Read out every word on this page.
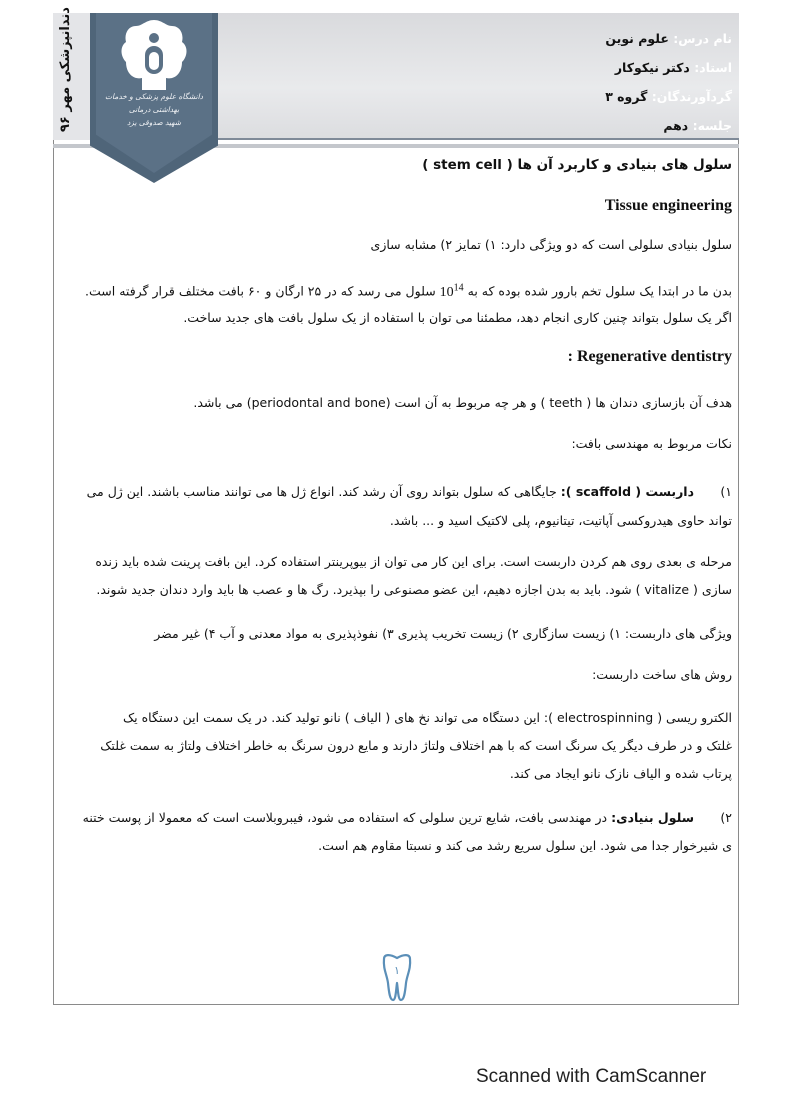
دندانپزشکی مهر ۹۶	دانشگاه علوم پزشکی و خدمات بهداشتی درمانی
شهید صدوقی یزد
نام درس: علوم نوین
استاد: دکتر نیکوکار
گردآورندگان: گروه ۳
جلسه: دهم
سلول های بنیادی و کاربرد آن ها ( stem cell )
Tissue engineering
سلول بنیادی سلولی است که دو ویژگی دارد: ۱) تمایز ۲) مشابه سازی
بدن ما در ابتدا یک سلول تخم بارور شده بوده که به $10^{14}$ سلول می رسد که در ۲۵ ارگان و ۶۰ بافت مختلف قرار گرفته است.
اگر یک سلول بتواند چنین کاری انجام دهد، مطمئنا می توان با استفاده از یک سلول بافت های جدید ساخت.
Regenerative dentistry :
هدف آن بازسازی دندان ها ( teeth ) و هر چه مربوط به آن است (periodontal and bone) می باشد.
نکات مربوط به مهندسی بافت:
۱) داربست ( scaffold ): جایگاهی که سلول بتواند روی آن رشد کند. انواع ژل ها می توانند مناسب باشند. این ژل می
تواند حاوی هیدروکسی آپاتیت، تیتانیوم، پلی لاکتیک اسید و ... باشد.
مرحله ی بعدی روی هم کردن داربست است. برای این کار می توان از بیوپرینتر استفاده کرد. این بافت پرینت شده باید زنده
سازی ( vitalize ) شود. باید به بدن اجازه دهیم، این عضو مصنوعی را بپذیرد. رگ ها و عصب ها باید وارد دندان جدید شوند.
ویژگی های داربست: ۱) زیست سازگاری ۲) زیست تخریب پذیری ۳) نفوذپذیری به مواد معدنی و آب ۴) غیر مضر
روش های ساخت داربست:
الکترو ریسی ( electrospinning ): این دستگاه می تواند نخ های ( الیاف ) نانو تولید کند. در یک سمت این دستگاه یک
غلتک و در طرف دیگر یک سرنگ است که با هم اختلاف ولتاژ دارند و مایع درون سرنگ به خاطر اختلاف ولتاژ به سمت غلتک
پرتاب شده و الیاف نازک نانو ایجاد می کند.
۲) سلول بنیادی: در مهندسی بافت، شایع ترین سلولی که استفاده می شود، فیبروبلاست است که معمولا از پوست ختنه
ی شیرخوار جدا می شود. این سلول سریع رشد می کند و نسبتا مقاوم هم است.
۱
Scanned with CamScanner
